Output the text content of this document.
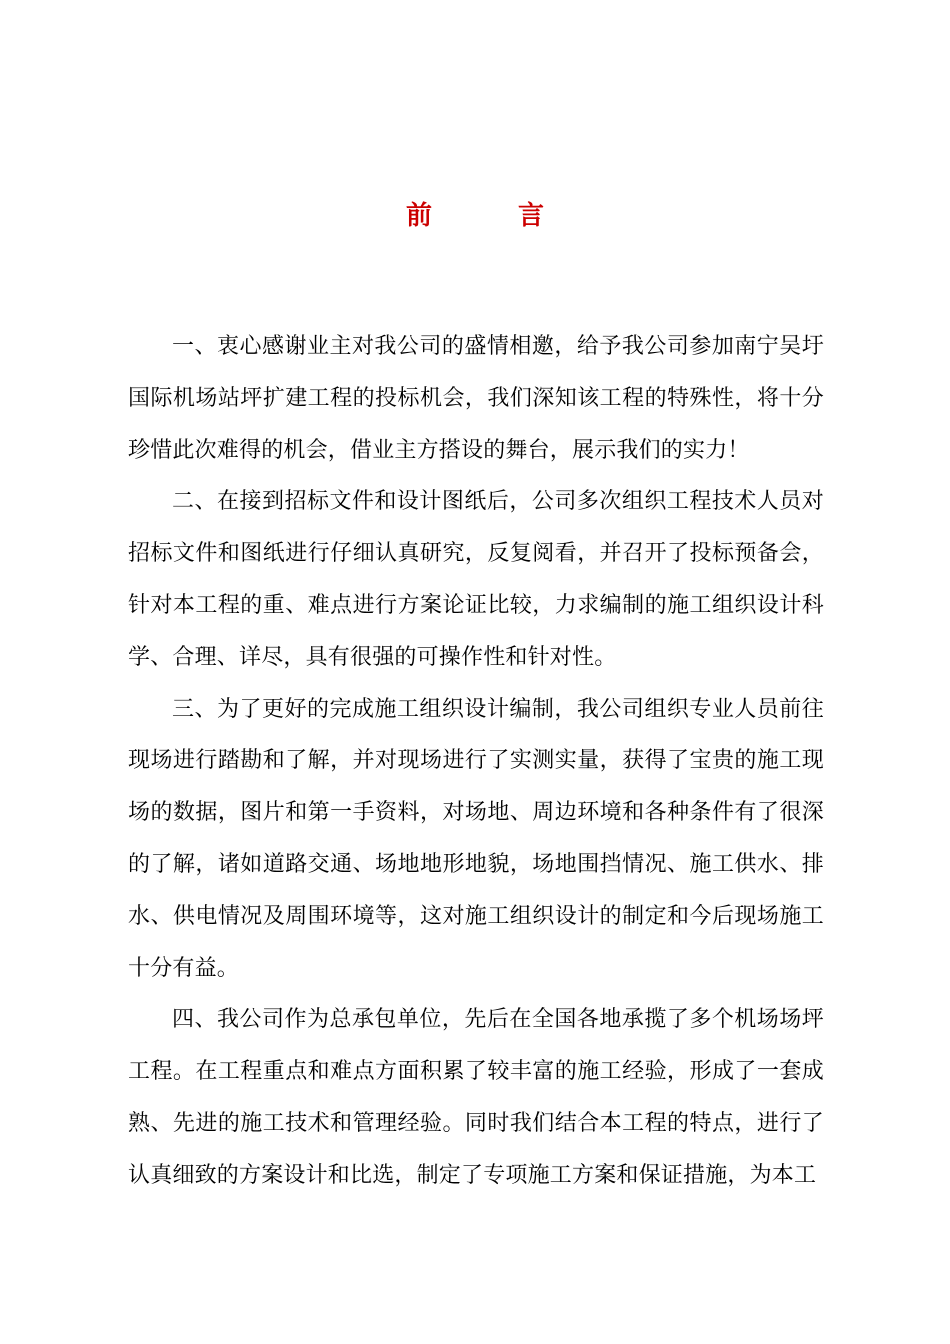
前	言

一、衷心感谢业主对我公司的盛情相邀，给予我公司参加南宁吴圩国际机场站坪扩建工程的投标机会，我们深知该工程的特殊性，将十分珍惜此次难得的机会，借业主方搭设的舞台，展示我们的实力！

二、在接到招标文件和设计图纸后，公司多次组织工程技术人员对招标文件和图纸进行仔细认真研究，反复阅看，并召开了投标预备会，针对本工程的重、难点进行方案论证比较，力求编制的施工组织设计科学、合理、详尽，具有很强的可操作性和针对性。

三、为了更好的完成施工组织设计编制，我公司组织专业人员前往现场进行踏勘和了解，并对现场进行了实测实量，获得了宝贵的施工现场的数据，图片和第一手资料，对场地、周边环境和各种条件有了很深的了解，诸如道路交通、场地地形地貌，场地围挡情况、施工供水、排水、供电情况及周围环境等，这对施工组织设计的制定和今后现场施工十分有益。

四、我公司作为总承包单位，先后在全国各地承揽了多个机场场坪工程。在工程重点和难点方面积累了较丰富的施工经验，形成了一套成熟、先进的施工技术和管理经验。同时我们结合本工程的特点，进行了认真细致的方案设计和比选，制定了专项施工方案和保证措施，为本工
